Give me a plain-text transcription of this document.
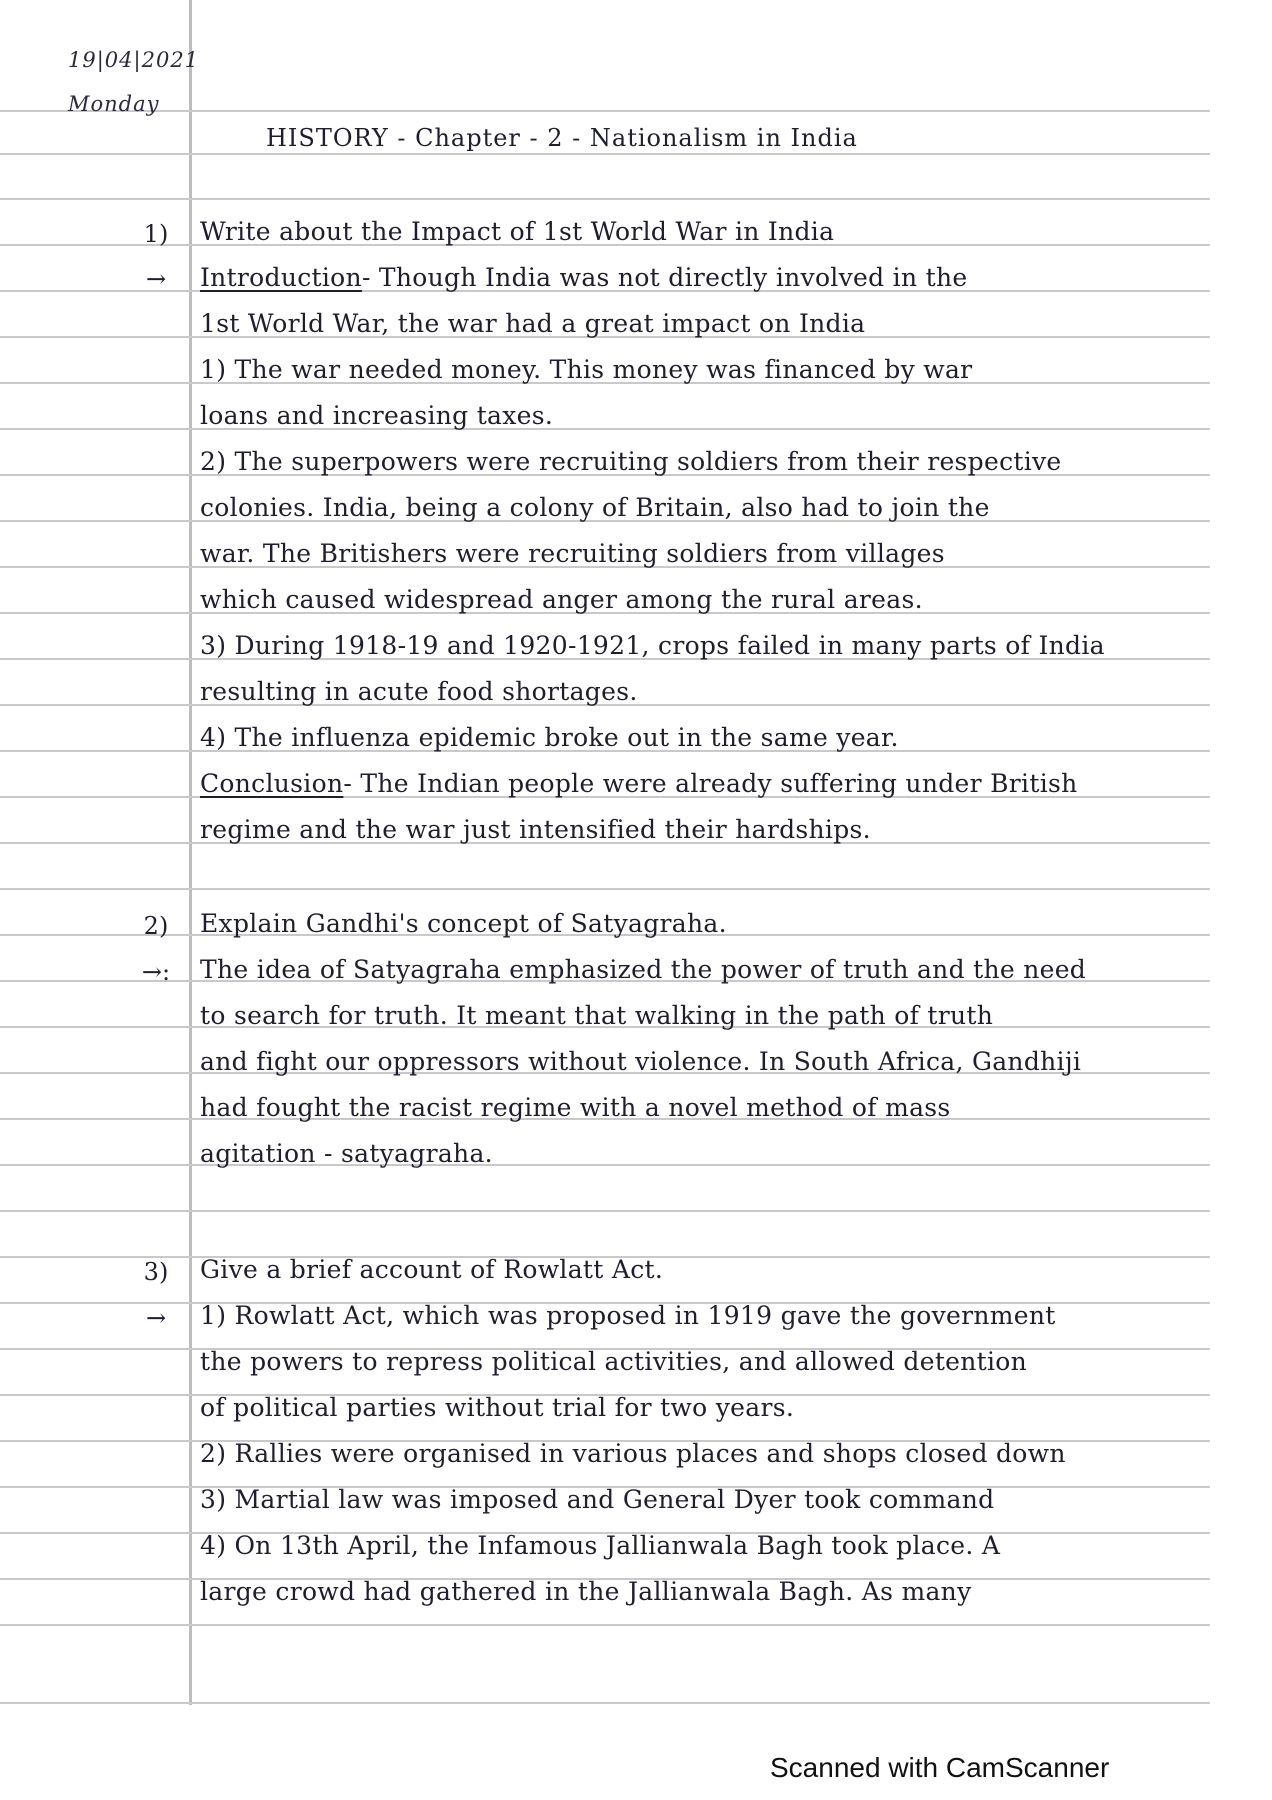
19|04|2021
Monday
HISTORY - Chapter - 2 - Nationalism in India
1)
→
2)
→:
3)
→
Write about the Impact of 1st World War in India
Introduction - Though India was not directly involved in the
1st World War, the war had a great impact on India
1) The war needed money. This money was financed by war
loans and increasing taxes.
2) The superpowers were recruiting soldiers from their respective
colonies. India, being a colony of Britain, also had to join the
war. The Britishers were recruiting soldiers from villages
which caused widespread anger among the rural areas.
3) During 1918-19 and 1920-1921, crops failed in many parts of India
resulting in acute food shortages.
4) The influenza epidemic broke out in the same year.
Conclusion - The Indian people were already suffering under British
regime and the war just intensified their hardships.
Explain Gandhi's concept of Satyagraha.
The idea of Satyagraha emphasized the power of truth and the need
to search for truth. It meant that walking in the path of truth
and fight our oppressors without violence. In South Africa, Gandhiji
had fought the racist regime with a novel method of mass
agitation - satyagraha.
Give a brief account of Rowlatt Act.
1) Rowlatt Act, which was proposed in 1919 gave the government
the powers to repress political activities, and allowed detention
of political parties without trial for two years.
2) Rallies were organised in various places and shops closed down
3) Martial law was imposed and General Dyer took command
4) On 13th April, the Infamous Jallianwala Bagh took place. A
large crowd had gathered in the Jallianwala Bagh. As many
Scanned with CamScanner
